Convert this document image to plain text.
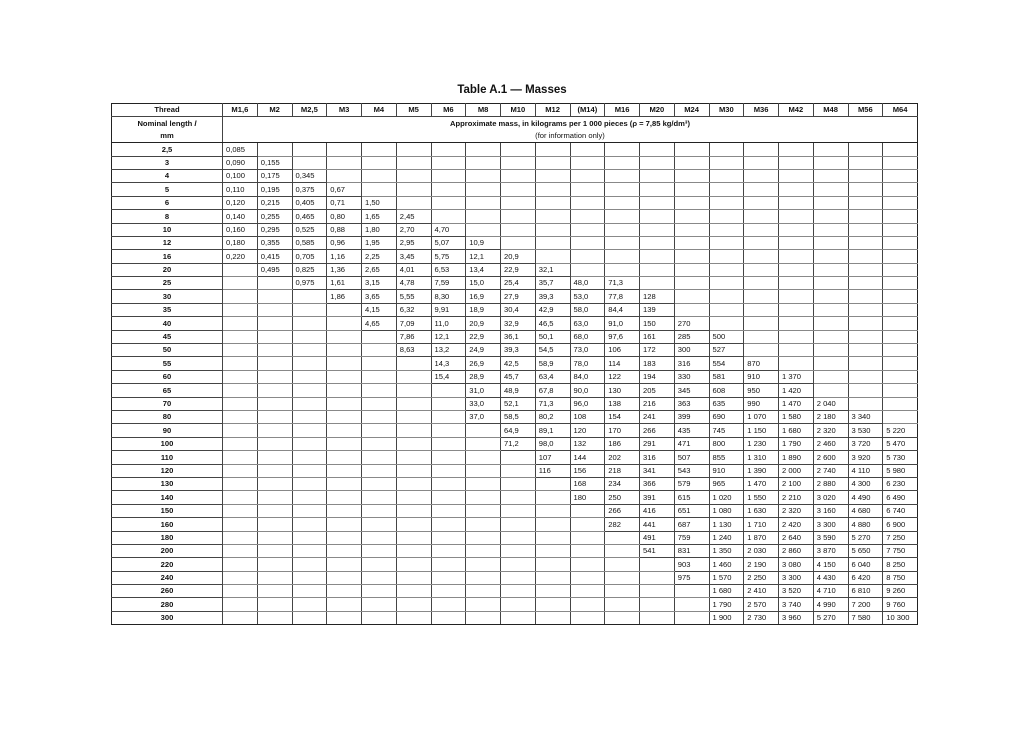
Table A.1 — Masses
Thread	M1,6	M2	M2,5	M3	M4	M5	M6	M8	M10	M12	(M14)	M16	M20	M24	M30	M36	M42	M48	M56	M64
Nominal length l	Approximate mass, in kilograms per 1 000 pieces (ρ = 7,85 kg/dm³)																			
mm	(for information only)																			
2,5	0,085																			
3	0,090	0,155																		
4	0,100	0,175	0,345																	
5	0,110	0,195	0,375	0,67																
6	0,120	0,215	0,405	0,71	1,50															
8	0,140	0,255	0,465	0,80	1,65	2,45														
10	0,160	0,295	0,525	0,88	1,80	2,70	4,70													
12	0,180	0,355	0,585	0,96	1,95	2,95	5,07	10,9												
16	0,220	0,415	0,705	1,16	2,25	3,45	5,75	12,1	20,9											
20		0,495	0,825	1,36	2,65	4,01	6,53	13,4	22,9	32,1										
25			0,975	1,61	3,15	4,78	7,59	15,0	25,4	35,7	48,0	71,3								
30				1,86	3,65	5,55	8,30	16,9	27,9	39,3	53,0	77,8	128							
35					4,15	6,32	9,91	18,9	30,4	42,9	58,0	84,4	139							
40					4,65	7,09	11,0	20,9	32,9	46,5	63,0	91,0	150	270						
45						7,86	12,1	22,9	36,1	50,1	68,0	97,6	161	285	500					
50						8,63	13,2	24,9	39,3	54,5	73,0	106	172	300	527					
55							14,3	26,9	42,5	58,9	78,0	114	183	316	554	870				
60							15,4	28,9	45,7	63,4	84,0	122	194	330	581	910	1 370			
65								31,0	48,9	67,8	90,0	130	205	345	608	950	1 420			
70								33,0	52,1	71,3	96,0	138	216	363	635	990	1 470	2 040		
80								37,0	58,5	80,2	108	154	241	399	690	1 070	1 580	2 180	3 340	
90									64,9	89,1	120	170	266	435	745	1 150	1 680	2 320	3 530	5 220
100									71,2	98,0	132	186	291	471	800	1 230	1 790	2 460	3 720	5 470
110										107	144	202	316	507	855	1 310	1 890	2 600	3 920	5 730
120										116	156	218	341	543	910	1 390	2 000	2 740	4 110	5 980
130											168	234	366	579	965	1 470	2 100	2 880	4 300	6 230
140											180	250	391	615	1 020	1 550	2 210	3 020	4 490	6 490
150												266	416	651	1 080	1 630	2 320	3 160	4 680	6 740
160												282	441	687	1 130	1 710	2 420	3 300	4 880	6 900
180													491	759	1 240	1 870	2 640	3 590	5 270	7 250
200													541	831	1 350	2 030	2 860	3 870	5 650	7 750
220														903	1 460	2 190	3 080	4 150	6 040	8 250
240														975	1 570	2 250	3 300	4 430	6 420	8 750
260															1 680	2 410	3 520	4 710	6 810	9 260
280															1 790	2 570	3 740	4 990	7 200	9 760
300															1 900	2 730	3 960	5 270	7 580	10 300
